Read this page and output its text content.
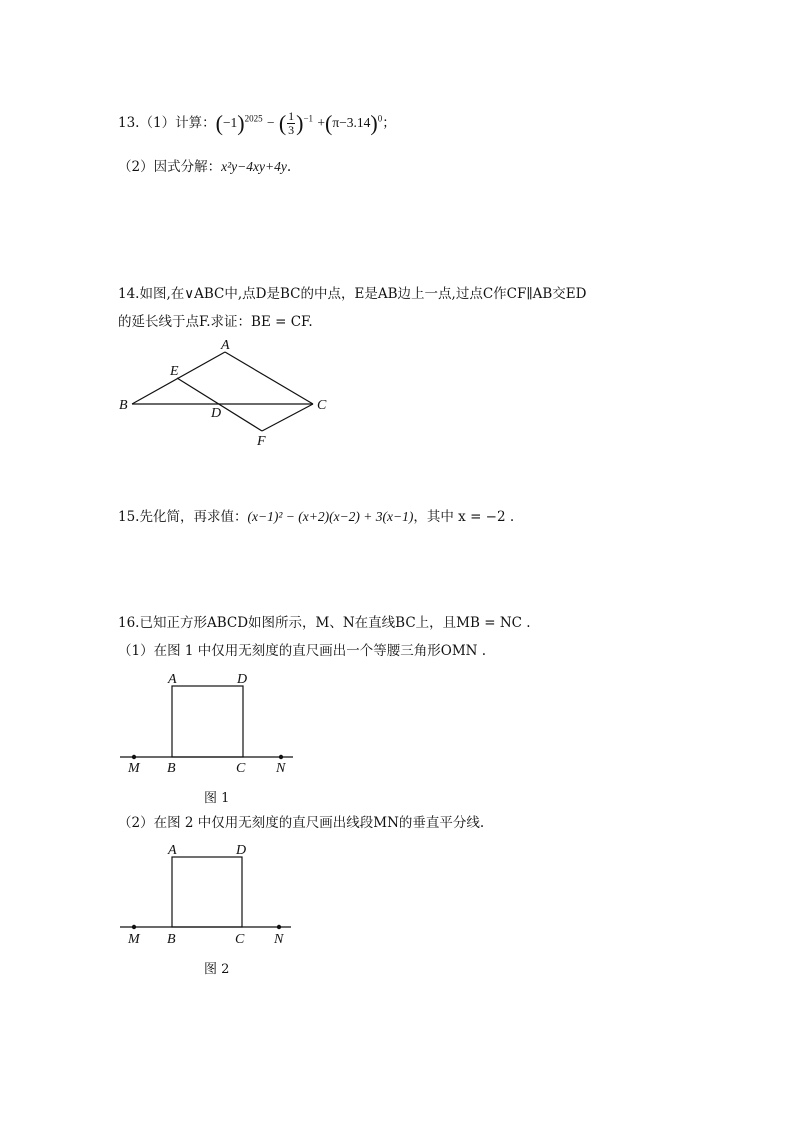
13.（1）计算：$(-1)^{2025}$ − ( $\frac{1}{3} )^{-1} +(\pi-3.14)^0$；
（2）因式分解：x²y−4xy+4y.
14.如图,在∨ABC中,点D是BC的中点，E是AB边上一点,过点C作CF∥AB交ED
的延长线于点F.求证：BE = CF.
A
B	C
D
E
F
15.先化简，再求值：(x−1)² − (x+2)(x−2) + 3(x−1)，其中 x = −2 .
16.已知正方形ABCD如图所示，M、N在直线BC上，且MB = NC .
（1）在图 1 中仅用无刻度的直尺画出一个等腰三角形OMN .
A	D
M B	C N
图 1
（2）在图 2 中仅用无刻度的直尺画出线段MN的垂直平分线.
A	D
M B	C N
图 2
